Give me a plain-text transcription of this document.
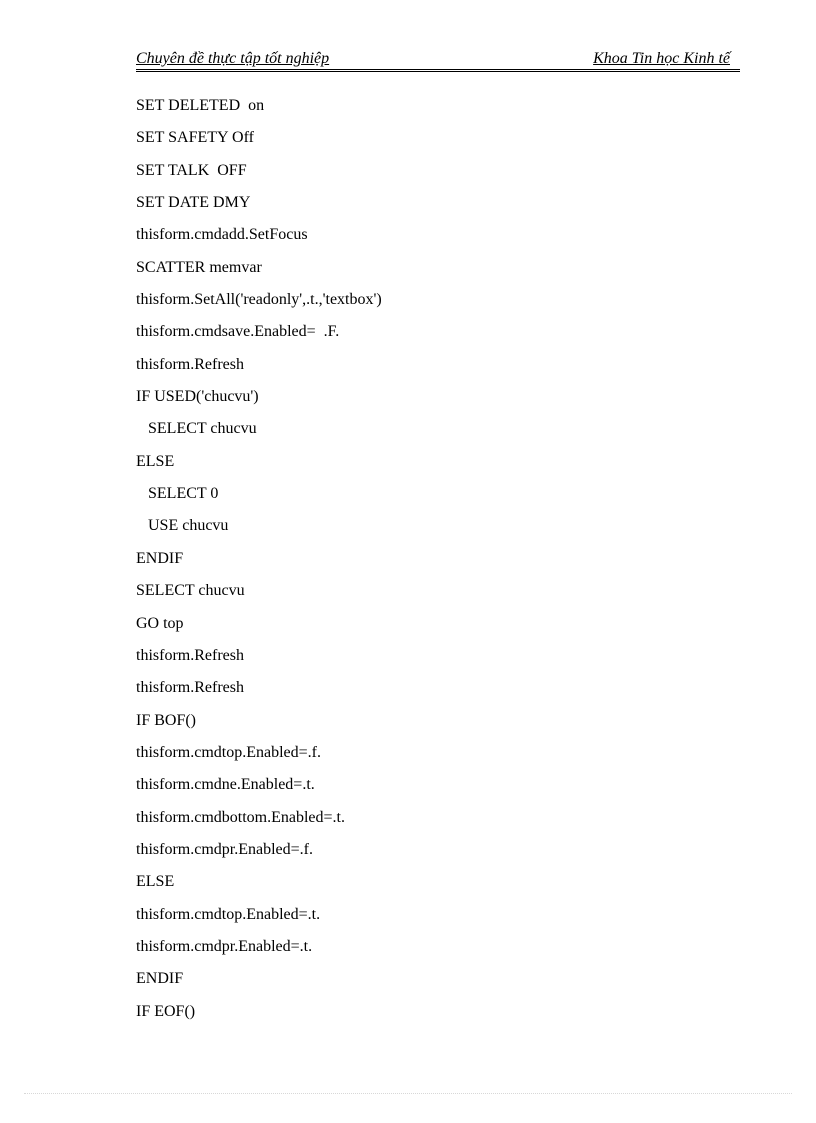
Chuyên đề thực tập tốt nghiệp	Khoa Tin học Kinh tế
SET DELETED  on
SET SAFETY Off
SET TALK  OFF
SET DATE DMY
thisform.cmdadd.SetFocus
SCATTER memvar
thisform.SetAll('readonly',.t.,'textbox')
thisform.cmdsave.Enabled=  .F.
thisform.Refresh
IF USED('chucvu')
SELECT chucvu
ELSE
SELECT 0
USE chucvu
ENDIF
SELECT chucvu
GO top
thisform.Refresh
thisform.Refresh
IF BOF()
thisform.cmdtop.Enabled=.f.
thisform.cmdne.Enabled=.t.
thisform.cmdbottom.Enabled=.t.
thisform.cmdpr.Enabled=.f.
ELSE
thisform.cmdtop.Enabled=.t.
thisform.cmdpr.Enabled=.t.
ENDIF
IF EOF()
